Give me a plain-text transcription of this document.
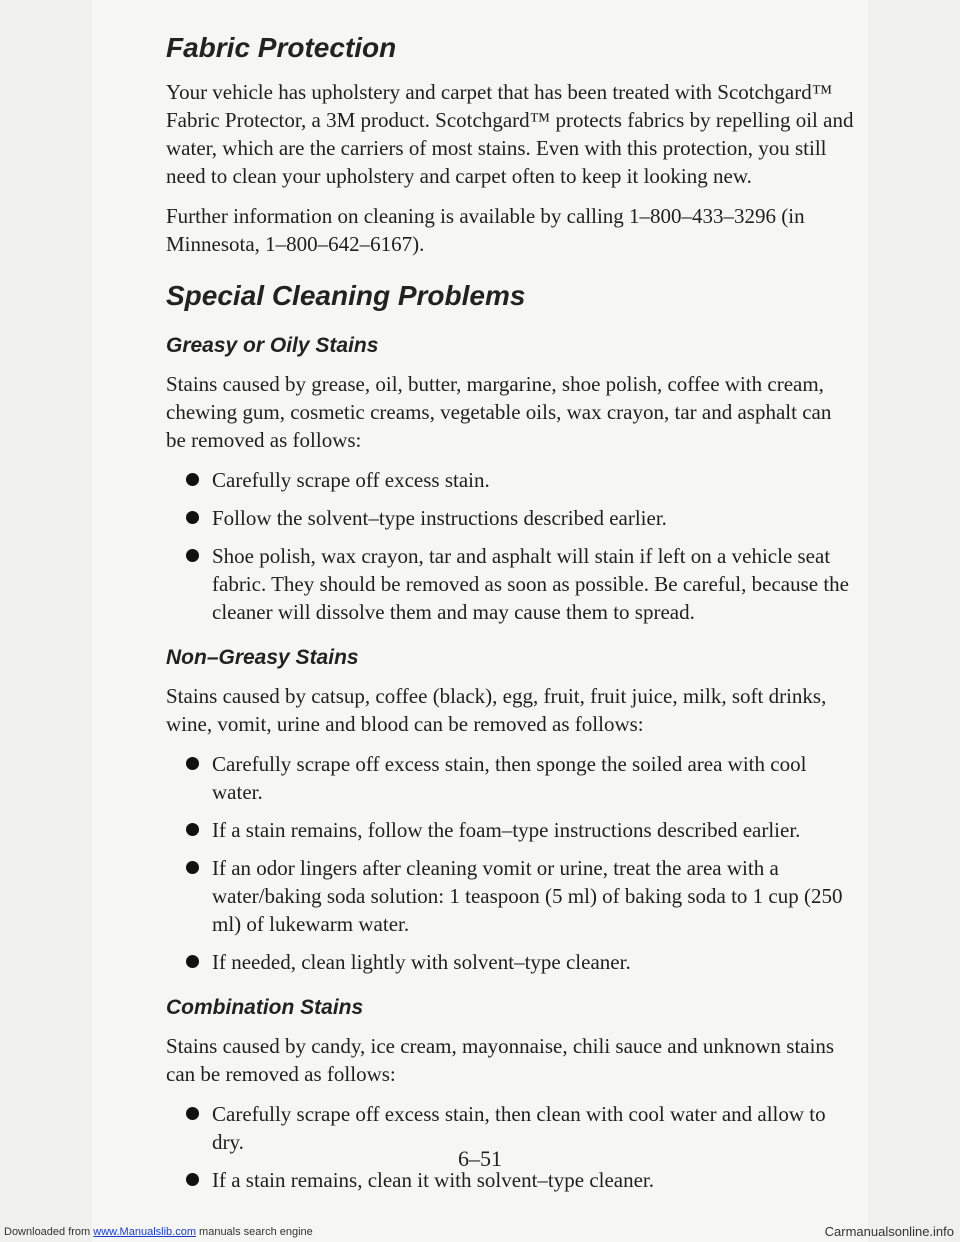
Fabric Protection

Your vehicle has upholstery and carpet that has been treated with Scotchgard™ Fabric Protector, a 3M product. Scotchgard™ protects fabrics by repelling oil and water, which are the carriers of most stains. Even with this protection, you still need to clean your upholstery and carpet often to keep it looking new.

Further information on cleaning is available by calling 1–800–433–3296 (in Minnesota, 1–800–642–6167).

Special Cleaning Problems
Greasy or Oily Stains

Stains caused by grease, oil, butter, margarine, shoe polish, coffee with cream, chewing gum, cosmetic creams, vegetable oils, wax crayon, tar and asphalt can be removed as follows:

Carefully scrape off excess stain.
Follow the solvent–type instructions described earlier.
Shoe polish, wax crayon, tar and asphalt will stain if left on a vehicle seat fabric. They should be removed as soon as possible. Be careful, because the cleaner will dissolve them and may cause them to spread.
Non–Greasy Stains

Stains caused by catsup, coffee (black), egg, fruit, fruit juice, milk, soft drinks, wine, vomit, urine and blood can be removed as follows:

Carefully scrape off excess stain, then sponge the soiled area with cool water.
If a stain remains, follow the foam–type instructions described earlier.
If an odor lingers after cleaning vomit or urine, treat the area with a water/baking soda solution: 1 teaspoon (5 ml) of baking soda to 1 cup (250 ml) of lukewarm water.
If needed, clean lightly with solvent–type cleaner.
Combination Stains

Stains caused by candy, ice cream, mayonnaise, chili sauce and unknown stains can be removed as follows:

Carefully scrape off excess stain, then clean with cool water and allow to dry.
If a stain remains, clean it with solvent–type cleaner.
6–51
Downloaded from www.Manualslib.com manuals search engine	Carmanualsonline.info
